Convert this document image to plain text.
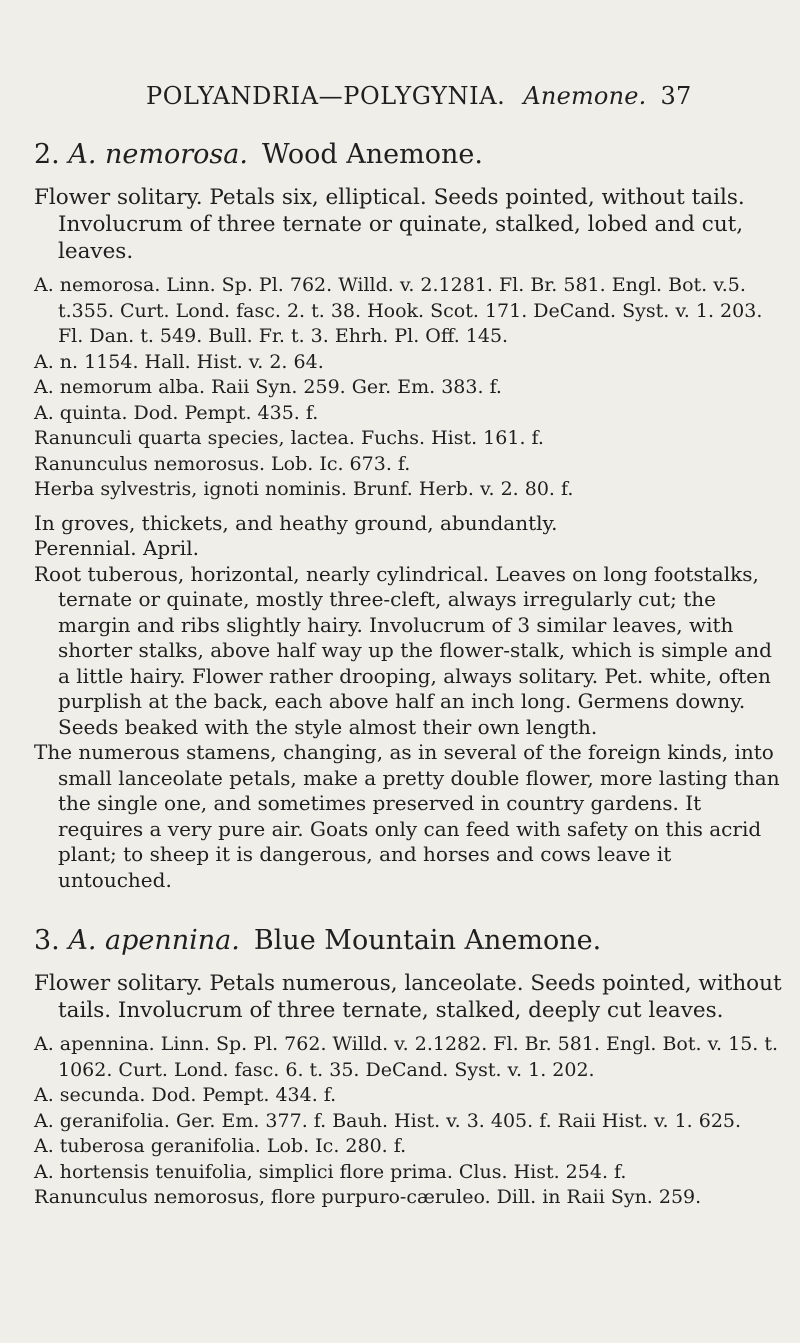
POLYANDRIA—POLYGYNIA. Anemone. 37
2. A. nemorosa. Wood Anemone.

Flower solitary. Petals six, elliptical. Seeds pointed, without tails. Involucrum of three ternate or quinate, stalked, lobed and cut, leaves.

A. nemorosa. Linn. Sp. Pl. 762. Willd. v. 2.1281. Fl. Br. 581. Engl. Bot. v.5. t.355. Curt. Lond. fasc. 2. t. 38. Hook. Scot. 171. DeCand. Syst. v. 1. 203. Fl. Dan. t. 549. Bull. Fr. t. 3. Ehrh. Pl. Off. 145.

A. n. 1154. Hall. Hist. v. 2. 64.

A. nemorum alba. Raii Syn. 259. Ger. Em. 383. f.

A. quinta. Dod. Pempt. 435. f.

Ranunculi quarta species, lactea. Fuchs. Hist. 161. f.

Ranunculus nemorosus. Lob. Ic. 673. f.

Herba sylvestris, ignoti nominis. Brunf. Herb. v. 2. 80. f.

In groves, thickets, and heathy ground, abundantly.

Perennial. April.

Root tuberous, horizontal, nearly cylindrical. Leaves on long footstalks, ternate or quinate, mostly three-cleft, always irregularly cut; the margin and ribs slightly hairy. Involucrum of 3 similar leaves, with shorter stalks, above half way up the flower-stalk, which is simple and a little hairy. Flower rather drooping, always solitary. Pet. white, often purplish at the back, each above half an inch long. Germens downy. Seeds beaked with the style almost their own length.

The numerous stamens, changing, as in several of the foreign kinds, into small lanceolate petals, make a pretty double flower, more lasting than the single one, and sometimes preserved in country gardens. It requires a very pure air. Goats only can feed with safety on this acrid plant; to sheep it is dangerous, and horses and cows leave it untouched.

3. A. apennina. Blue Mountain Anemone.

Flower solitary. Petals numerous, lanceolate. Seeds pointed, without tails. Involucrum of three ternate, stalked, deeply cut leaves.

A. apennina. Linn. Sp. Pl. 762. Willd. v. 2.1282. Fl. Br. 581. Engl. Bot. v. 15. t. 1062. Curt. Lond. fasc. 6. t. 35. DeCand. Syst. v. 1. 202.

A. secunda. Dod. Pempt. 434. f.

A. geranifolia. Ger. Em. 377. f. Bauh. Hist. v. 3. 405. f. Raii Hist. v. 1. 625.

A. tuberosa geranifolia. Lob. Ic. 280. f.

A. hortensis tenuifolia, simplici flore prima. Clus. Hist. 254. f.

Ranunculus nemorosus, flore purpuro-cæruleo. Dill. in Raii Syn. 259.
